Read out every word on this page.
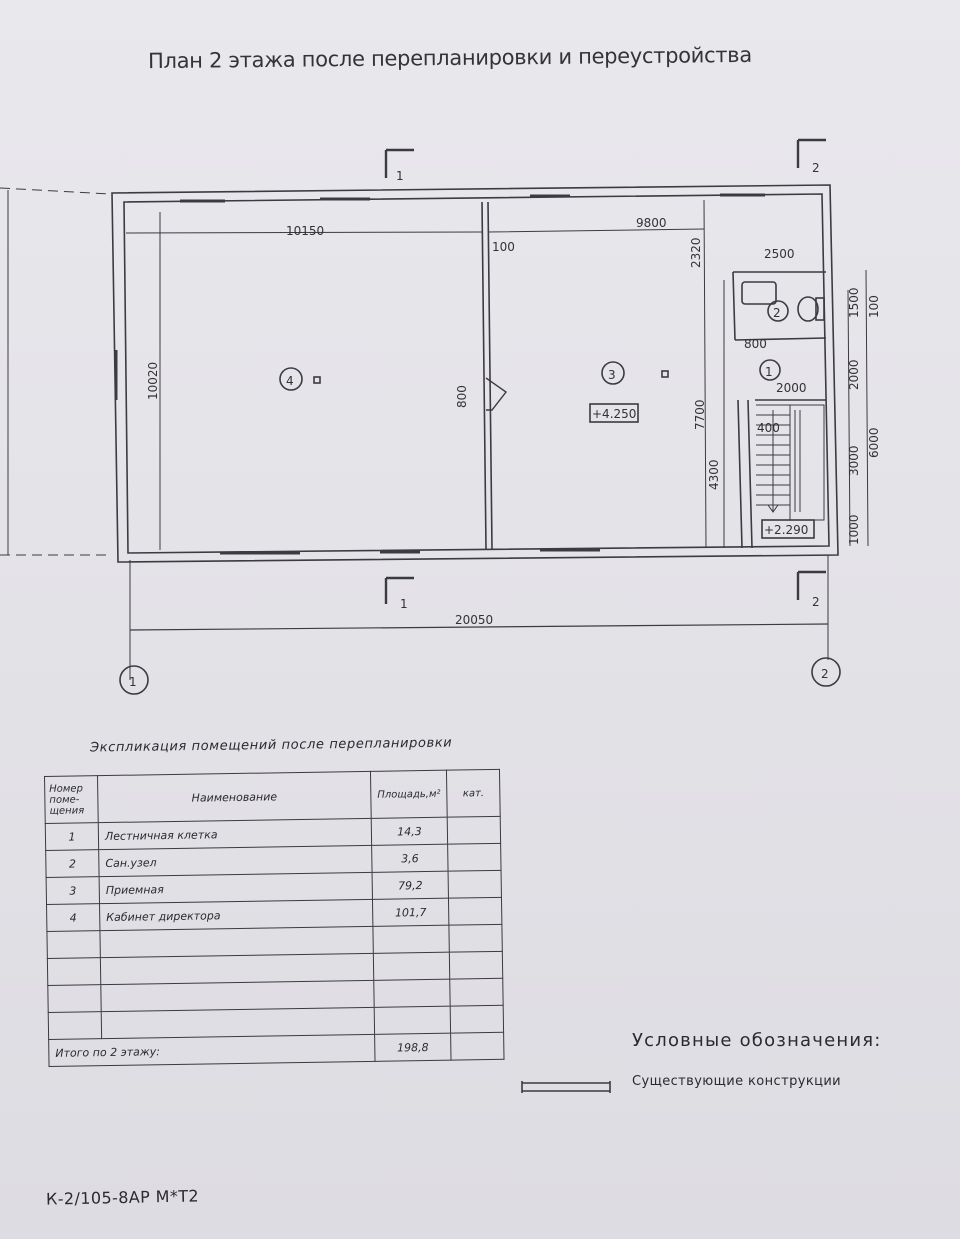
План 2 этажа после перепланировки и переустройства
1
1
2
2
1
2
20050
10150
9800
100
10020	800
2320	2500
1500 100
800
2000	2000
400
7700
4300	3000
6000
1000
4	3
2
1
+4.250
+2.290
Экспликация помещений после перепланировки
Номер поме- щения	Наименование	Площадь,м²	кат.
1	Лестничная клетка	14,3	
2	Сан.узел	3,6	
3	Приемная	79,2	
4	Кабинет директора	101,7	

Итого по 2 этажу:		198,8		Условные обозначения:
Существующие конструкции
К-2/105-8АР М*Т2
